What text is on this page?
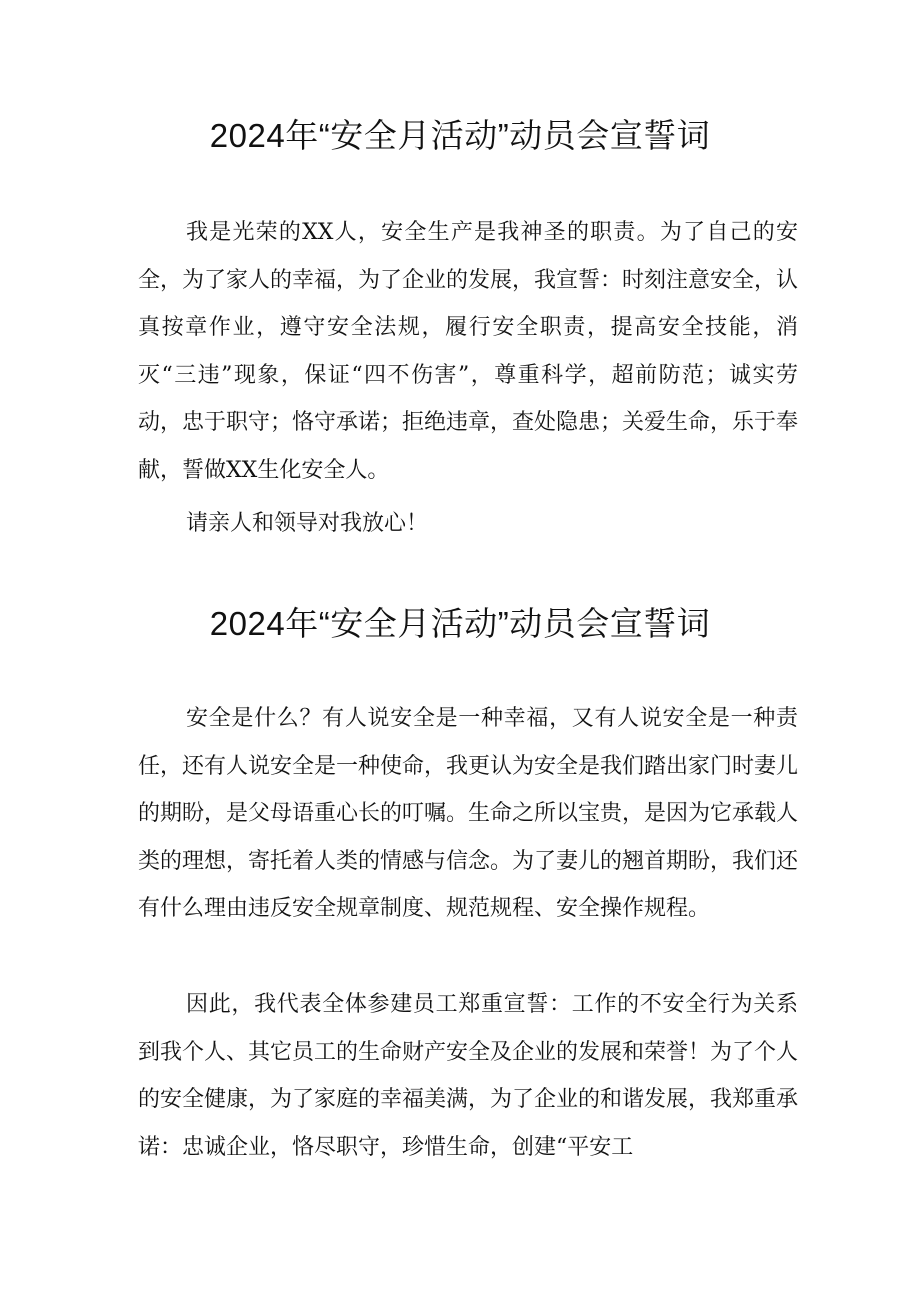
2024年“安全月活动”动员会宣誓词

我是光荣的XX人，安全生产是我神圣的职责。为了自己的安全，为了家人的幸福，为了企业的发展，我宣誓：时刻注意安全，认真按章作业，遵守安全法规，履行安全职责，提高安全技能，消灭“三违”现象，保证“四不伤害”，尊重科学，超前防范；诚实劳动，忠于职守；恪守承诺；拒绝违章，查处隐患；关爱生命，乐于奉献，誓做XX生化安全人。

请亲人和领导对我放心！

2024年“安全月活动”动员会宣誓词

安全是什么？有人说安全是一种幸福，又有人说安全是一种责任，还有人说安全是一种使命，我更认为安全是我们踏出家门时妻儿的期盼，是父母语重心长的叮嘱。生命之所以宝贵，是因为它承载人类的理想，寄托着人类的情感与信念。为了妻儿的翘首期盼，我们还有什么理由违反安全规章制度、规范规程、安全操作规程。

因此，我代表全体参建员工郑重宣誓：工作的不安全行为关系到我个人、其它员工的生命财产安全及企业的发展和荣誉！为了个人的安全健康，为了家庭的幸福美满，为了企业的和谐发展，我郑重承诺：忠诚企业，恪尽职守，珍惜生命，创建“平安工
